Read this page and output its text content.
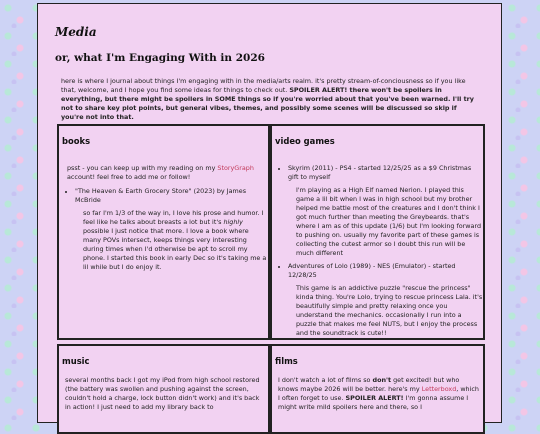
Media
or, what I'm Engaging With in 2026
here is where I journal about things I'm engaging with in the media/arts realm. it's pretty stream-of-conciousness so if you like that, welcome, and I hope you find some ideas for things to check out. SPOILER ALERT! there won't be spoilers in everything, but there might be spoilers in SOME things so if you're worried about that you've been warned. I'll try not to share key plot points, but general vibes, themes, and possibly some scenes will be discussed so skip if you're not into that.
books
psst - you can keep up with my reading on my StoryGraph account! feel free to add me or follow!
• "The Heaven & Earth Grocery Store" (2023) by James McBride
so far I'm 1/3 of the way in, I love his prose and humor. I feel like he talks about breasts a lot but it's highly possible I just notice that more. I love a book where many POVs intersect, keeps things very interesting during times when I'd otherwise be apt to scroll my phone. I started this book in early Dec so it's taking me a lil while but I do enjoy it.
video games
• Skyrim (2011) - PS4 - started 12/25/25 as a $9 Christmas gift to myself
I'm playing as a High Elf named Nerion. I played this game a lil bit when I was in high school but my brother helped me battle most of the creatures and I don't think I got much further than meeting the Greybeards. that's where I am as of this update (1/6) but I'm looking forward to pushing on. usually my favorite part of these games is collecting the cutest armor so I doubt this run will be much different
• Adventures of Lolo (1989) - NES (Emulator) - started 12/28/25
This game is an addictive puzzle "rescue the princess" kinda thing. You're Lolo, trying to rescue princess Lala. it's beautifully simple and pretty relaxing once you understand the mechanics. occasionally I run into a puzzle that makes me feel NUTS, but I enjoy the process and the soundtrack is cute!!
music
several months back I got my iPod from high school restored (the battery was swollen and pushing against the screen, couldn't hold a charge, lock button didn't work) and it's back in action! I just need to add my library back to
films
I don't watch a lot of films so don't get excited! but who knows maybe 2026 will be better. here's my Letterboxd, which I often forget to use. SPOILER ALERT! I'm gonna assume I might write mild spoilers here and there, so I
